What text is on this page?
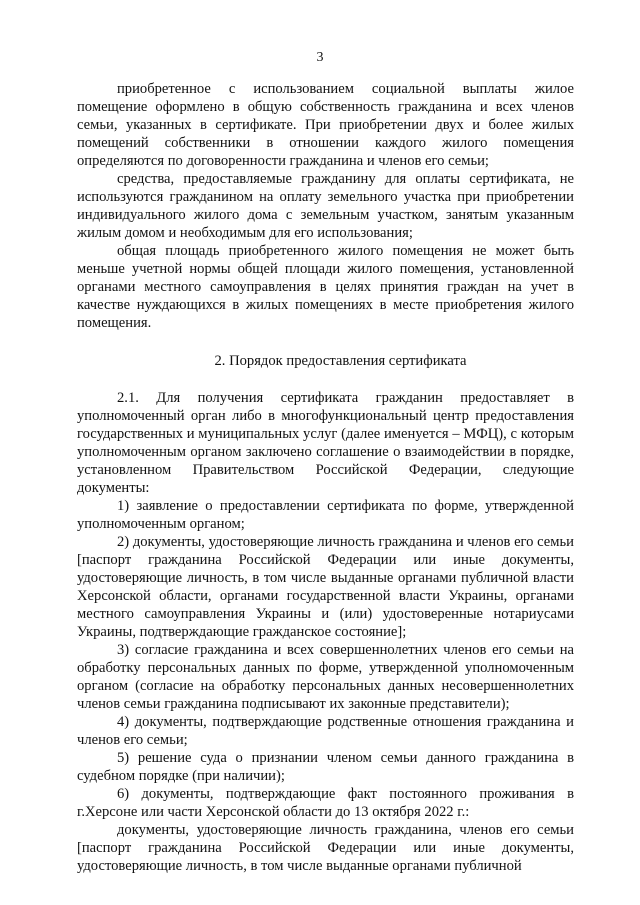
3

приобретенное с использованием социальной выплаты жилое помещение оформлено в общую собственность гражданина и всех членов семьи, указанных в сертификате. При приобретении двух и более жилых помещений собственники в отношении каждого жилого помещения определяются по договоренности гражданина и членов его семьи;

средства, предоставляемые гражданину для оплаты сертификата, не используются гражданином на оплату земельного участка при приобретении индивидуального жилого дома с земельным участком, занятым указанным жилым домом и необходимым для его использования;

общая площадь приобретенного жилого помещения не может быть меньше учетной нормы общей площади жилого помещения, установленной органами местного самоуправления в целях принятия граждан на учет в качестве нуждающихся в жилых помещениях в месте приобретения жилого помещения.

2. Порядок предоставления сертификата

2.1. Для получения сертификата гражданин предоставляет в уполномоченный орган либо в многофункциональный центр предоставления государственных и муниципальных услуг (далее именуется – МФЦ), с которым уполномоченным органом заключено соглашение о взаимодействии в порядке, установленном Правительством Российской Федерации, следующие документы:

1) заявление о предоставлении сертификата по форме, утвержденной уполномоченным органом;

2) документы, удостоверяющие личность гражданина и членов его семьи [паспорт гражданина Российской Федерации или иные документы, удостоверяющие личность, в том числе выданные органами публичной власти Херсонской области, органами государственной власти Украины, органами местного самоуправления Украины и (или) удостоверенные нотариусами Украины, подтверждающие гражданское состояние];

3) согласие гражданина и всех совершеннолетних членов его семьи на обработку персональных данных по форме, утвержденной уполномоченным органом (согласие на обработку персональных данных несовершеннолетних членов семьи гражданина подписывают их законные представители);

4) документы, подтверждающие родственные отношения гражданина и членов его семьи;

5) решение суда о признании членом семьи данного гражданина в судебном порядке (при наличии);

6) документы, подтверждающие факт постоянного проживания в г.Херсоне или части Херсонской области до 13 октября 2022 г.:

документы, удостоверяющие личность гражданина, членов его семьи [паспорт гражданина Российской Федерации или иные документы, удостоверяющие личность, в том числе выданные органами публичной
